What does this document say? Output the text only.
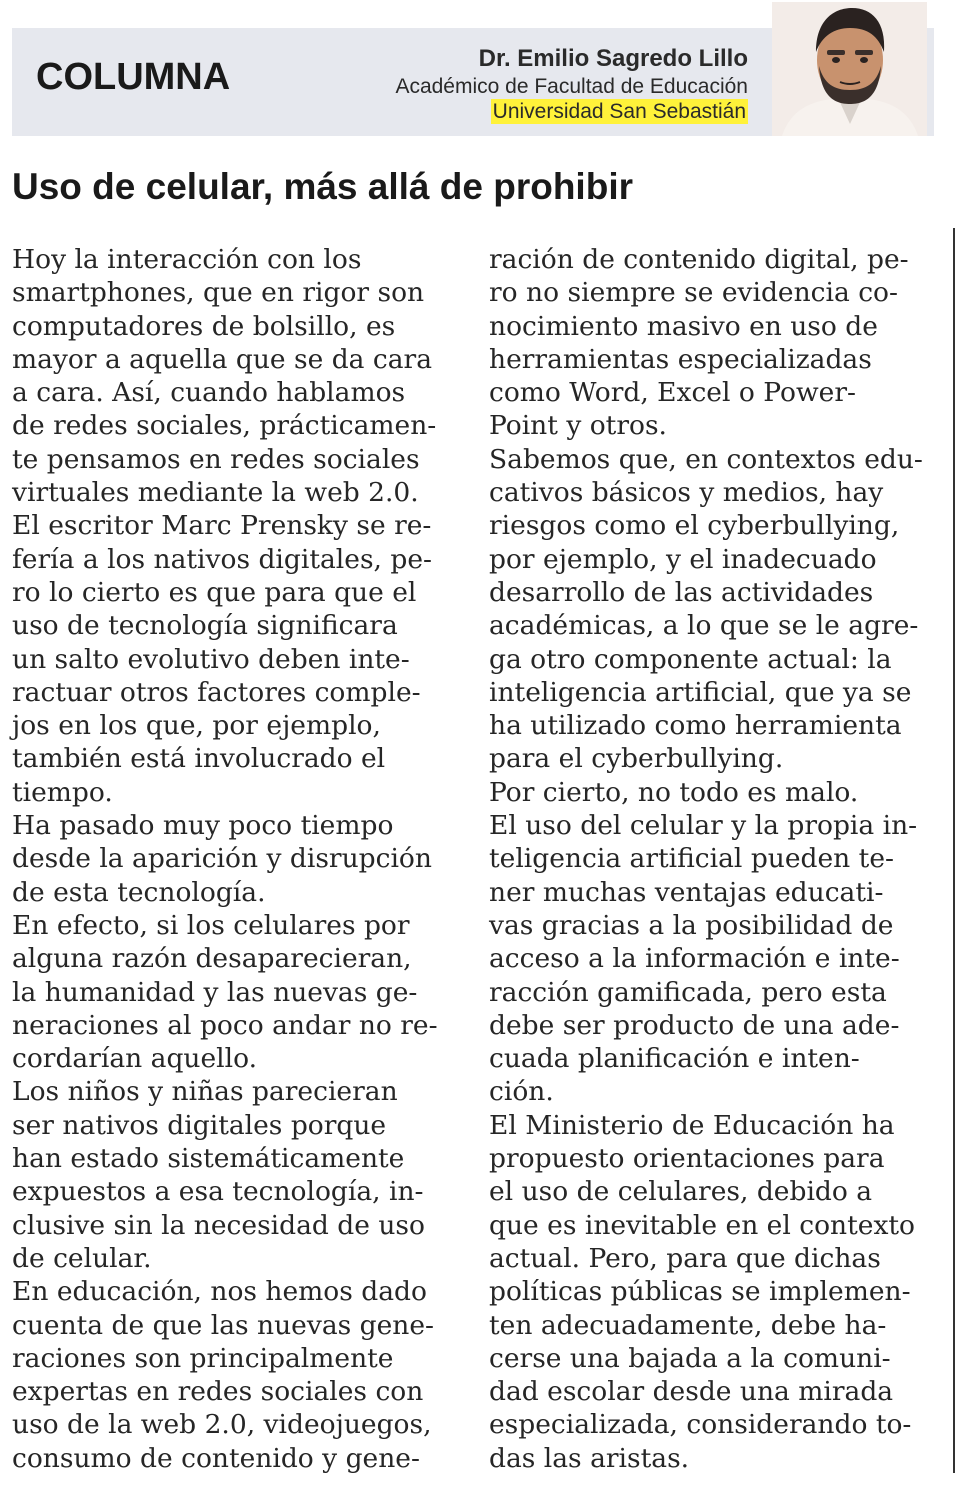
COLUMNA	Dr. Emilio Sagredo Lillo
Académico de Facultad de Educación
Universidad San Sebastián
Uso de celular, más allá de prohibir

Hoy la interacción con los

smartphones, que en rigor son

computadores de bolsillo, es

mayor a aquella que se da cara

a cara. Así, cuando hablamos

de redes sociales, prácticamen-

te pensamos en redes sociales

virtuales mediante la web 2.0.

El escritor Marc Prensky se re-

fería a los nativos digitales, pe-

ro lo cierto es que para que el

uso de tecnología significara

un salto evolutivo deben inte-

ractuar otros factores comple-

jos en los que, por ejemplo,

también está involucrado el

tiempo.

Ha pasado muy poco tiempo

desde la aparición y disrupción

de esta tecnología.

En efecto, si los celulares por

alguna razón desaparecieran,

la humanidad y las nuevas ge-

neraciones al poco andar no re-

cordarían aquello.

Los niños y niñas parecieran

ser nativos digitales porque

han estado sistemáticamente

expuestos a esa tecnología, in-

clusive sin la necesidad de uso

de celular.

En educación, nos hemos dado

cuenta de que las nuevas gene-

raciones son principalmente

expertas en redes sociales con

uso de la web 2.0, videojuegos,

consumo de contenido y gene-

ración de contenido digital, pe-

ro no siempre se evidencia co-

nocimiento masivo en uso de

herramientas especializadas

como Word, Excel o Power-

Point y otros.

Sabemos que, en contextos edu-

cativos básicos y medios, hay

riesgos como el cyberbullying,

por ejemplo, y el inadecuado

desarrollo de las actividades

académicas, a lo que se le agre-

ga otro componente actual: la

inteligencia artificial, que ya se

ha utilizado como herramienta

para el cyberbullying.

Por cierto, no todo es malo.

El uso del celular y la propia in-

teligencia artificial pueden te-

ner muchas ventajas educati-

vas gracias a la posibilidad de

acceso a la información e inte-

racción gamificada, pero esta

debe ser producto de una ade-

cuada planificación e inten-

ción.

El Ministerio de Educación ha

propuesto orientaciones para

el uso de celulares, debido a

que es inevitable en el contexto

actual. Pero, para que dichas

políticas públicas se implemen-

ten adecuadamente, debe ha-

cerse una bajada a la comuni-

dad escolar desde una mirada

especializada, considerando to-

das las aristas.
